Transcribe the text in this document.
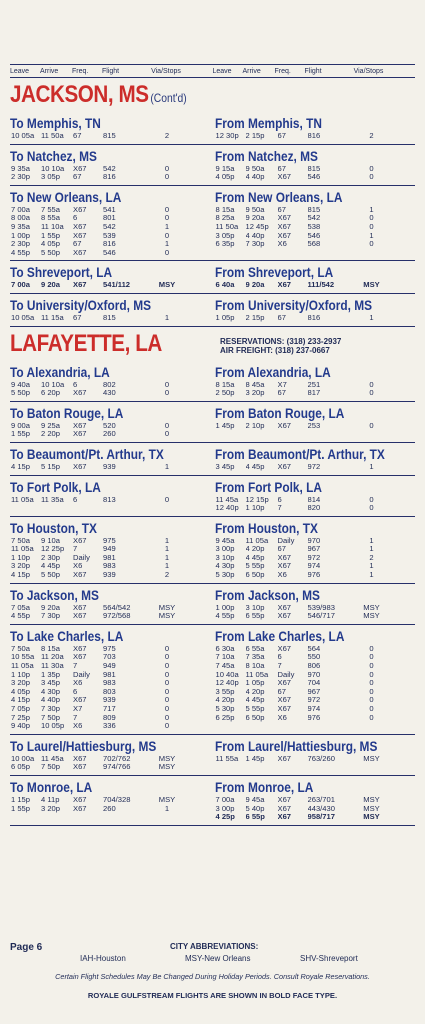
Leave	Arrive	Freq.	Flight	Via/Stops	Leave	Arrive	Freq.	Flight	Via/Stops
JACKSON, MS (Cont'd)
To Memphis, TN
10 05a 11 50a	67	815	2
From Memphis, TN
12 30p 2 15p	67	816	2
To Natchez, MS
9 35a	10 10a	X67	542	0
2 30p	3 05p	67	816	0
From Natchez, MS
9 15a	9 50a	67	815	0
4 05p	4 40p	X67	546	0
To New Orleans, LA
7 00a	7 55a	X67	541	0
8 00a	8 55a	6	801	0
9 35a	11 10a	X67	542	1
1 00p	1 55p	X67	539	0
2 30p	4 05p	67	816	1
4 55p	5 50p	X67	546	0
From New Orleans, LA
8 15a	9 50a	67	815	1
8 25a	9 20a	X67	542	0
11 50a 12 45p	X67	538	0
3 05p	4 40p	X67	546	1
6 35p	7 30p	X6	568	0
To Shreveport, LA
7 00a	9 20a	X67	541/112	MSY
From Shreveport, LA
6 40a	9 20a	X67	111/542	MSY
To University/Oxford, MS
10 05a 11 15a	67	815	1
From University/Oxford, MS
1 05p	2 15p	67	816	1
LAFAYETTE, LA	RESERVATIONS: (318) 233-2937
AIR FREIGHT: (318) 237-0667
To Alexandria, LA
9 40a	10 10a	6	802	0
5 50p	6 20p	X67	430	0
From Alexandria, LA
8 15a	8 45a	X7	251	0
2 50p	3 20p	67	817	0
To Baton Rouge, LA
9 00a	9 25a	X67	520	0
1 55p	2 20p	X67	260	0
From Baton Rouge, LA
1 45p	2 10p	X67	253	0
To Beaumont/Pt. Arthur, TX
4 15p	5 15p	X67	939	1
From Beaumont/Pt. Arthur, TX
3 45p	4 45p	X67	972	1
To Fort Polk, LA
11 05a 11 35a	6	813	0
From Fort Polk, LA
11 45a 12 15p	6	814	0
12 40p 1 10p	7	820	0
To Houston, TX
7 50a	9 10a	X67	975	1
11 05a 12 25p	7	949	1
1 10p	2 30p	Daily	981	1
3 20p	4 45p	X6	983	1
4 15p	5 50p	X67	939	2
From Houston, TX
9 45a	11 05a	Daily	970	1
3 00p	4 20p	67	967	1
3 10p	4 45p	X67	972	2
4 30p	5 55p	X67	974	1
5 30p	6 50p	X6	976	1
To Jackson, MS
7 05a	9 20a	X67	564/542	MSY
4 55p	7 30p	X67	972/568	MSY
From Jackson, MS
1 00p	3 10p	X67	539/983	MSY
4 55p	6 55p	X67	546/717	MSY
To Lake Charles, LA
7 50a	8 15a	X67	975	0
10 55a 11 20a	X67	703	0
11 05a 11 30a	7	949	0
1 10p	1 35p	Daily	981	0
3 20p	3 45p	X6	983	0
4 05p	4 30p	6	803	0
4 15p	4 40p	X67	939	0
7 05p	7 30p	X7	717	0
7 25p	7 50p	7	809	0
9 40p	10 05p	X6	336	0
From Lake Charles, LA
6 30a	6 55a	X67	564	0
7 10a	7 35a	6	550	0
7 45a	8 10a	7	806	0
10 40a 11 05a	Daily	970	0
12 40p 1 05p	X67	704	0
3 55p	4 20p	67	967	0
4 20p	4 45p	X67	972	0
5 30p	5 55p	X67	974	0
6 25p	6 50p	X6	976	0
To Laurel/Hattiesburg, MS
10 00a 11 45a	X67	702/762	MSY
6 05p	7 50p	X67	974/766	MSY
From Laurel/Hattiesburg, MS
11 55a 1 45p	X67	763/260	MSY
To Monroe, LA
1 15p	4 11p	X67	704/328	MSY
1 55p	3 20p	X67	260	1
From Monroe, LA
7 00a	9 45a	X67	263/701	MSY
3 00p	5 40p	X67	443/430	MSY
4 25p	6 55p	X67	958/717	MSY
Page 6	CITY ABBREVIATIONS:
IAH-Houston	MSY-New Orleans	SHV-Shreveport
Certain Flight Schedules May Be Changed During Holiday Periods. Consult Royale Reservations.
ROYALE GULFSTREAM FLIGHTS ARE SHOWN IN BOLD FACE TYPE.
